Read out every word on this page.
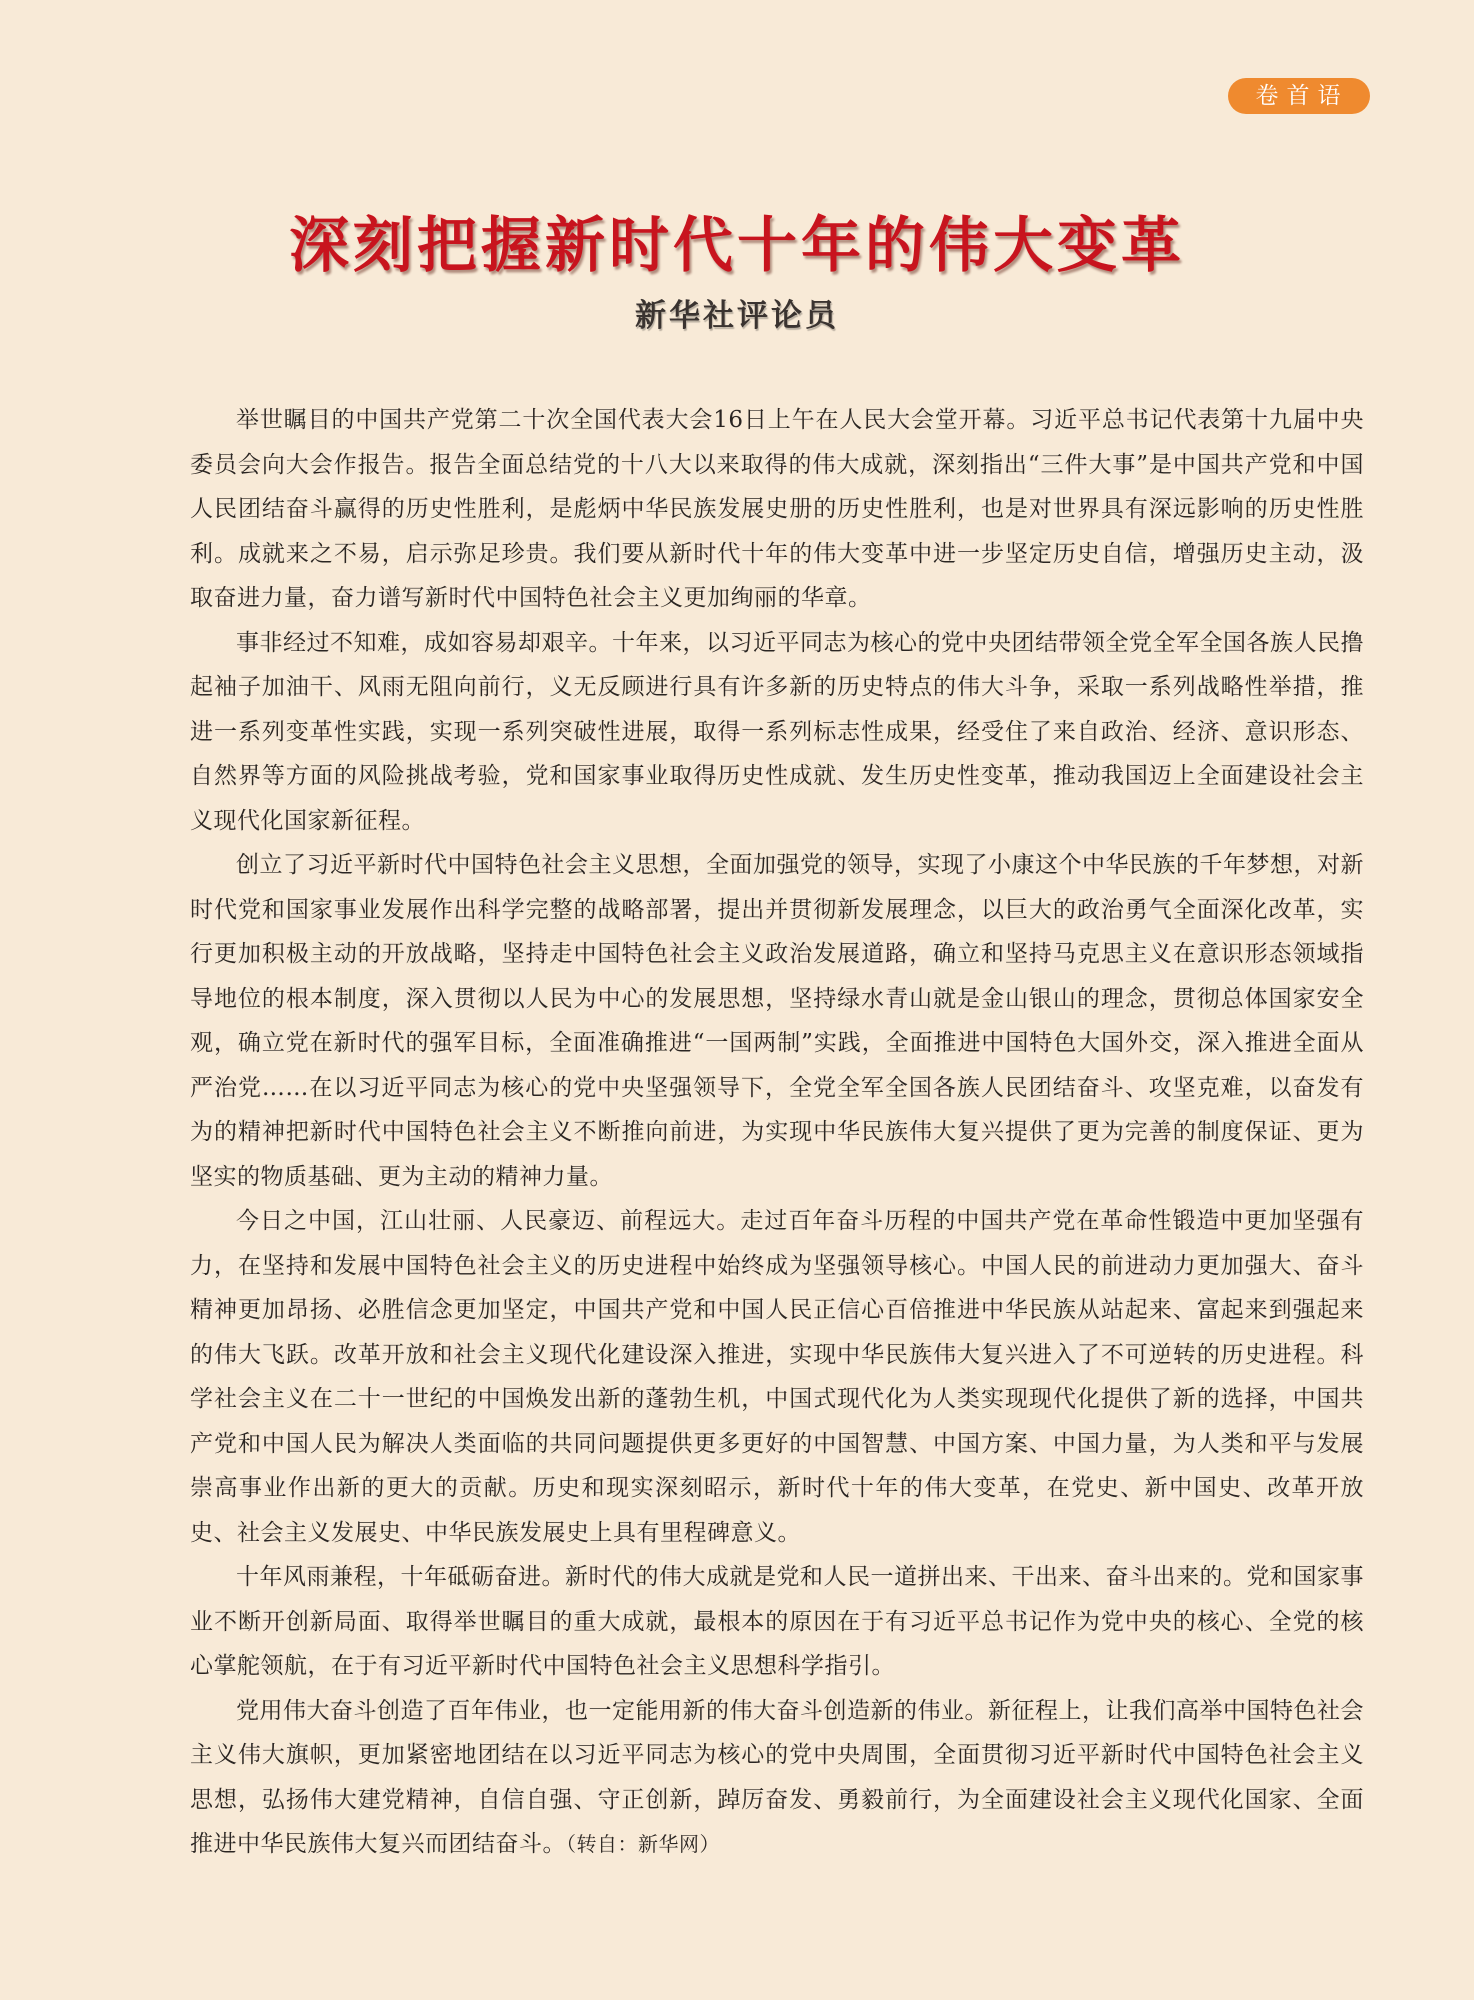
卷首语
深刻把握新时代十年的伟大变革
新华社评论员

举世瞩目的中国共产党第二十次全国代表大会16日上午在人民大会堂开幕。习近平总书记代表第十九届中央委员会向大会作报告。报告全面总结党的十八大以来取得的伟大成就，深刻指出“三件大事”是中国共产党和中国人民团结奋斗赢得的历史性胜利，是彪炳中华民族发展史册的历史性胜利，也是对世界具有深远影响的历史性胜利。成就来之不易，启示弥足珍贵。我们要从新时代十年的伟大变革中进一步坚定历史自信，增强历史主动，汲取奋进力量，奋力谱写新时代中国特色社会主义更加绚丽的华章。

事非经过不知难，成如容易却艰辛。十年来，以习近平同志为核心的党中央团结带领全党全军全国各族人民撸起袖子加油干、风雨无阻向前行，义无反顾进行具有许多新的历史特点的伟大斗争，采取一系列战略性举措，推进一系列变革性实践，实现一系列突破性进展，取得一系列标志性成果，经受住了来自政治、经济、意识形态、自然界等方面的风险挑战考验，党和国家事业取得历史性成就、发生历史性变革，推动我国迈上全面建设社会主义现代化国家新征程。

创立了习近平新时代中国特色社会主义思想，全面加强党的领导，实现了小康这个中华民族的千年梦想，对新时代党和国家事业发展作出科学完整的战略部署，提出并贯彻新发展理念，以巨大的政治勇气全面深化改革，实行更加积极主动的开放战略，坚持走中国特色社会主义政治发展道路，确立和坚持马克思主义在意识形态领域指导地位的根本制度，深入贯彻以人民为中心的发展思想，坚持绿水青山就是金山银山的理念，贯彻总体国家安全观，确立党在新时代的强军目标，全面准确推进“一国两制”实践，全面推进中国特色大国外交，深入推进全面从严治党……在以习近平同志为核心的党中央坚强领导下，全党全军全国各族人民团结奋斗、攻坚克难，以奋发有为的精神把新时代中国特色社会主义不断推向前进，为实现中华民族伟大复兴提供了更为完善的制度保证、更为坚实的物质基础、更为主动的精神力量。

今日之中国，江山壮丽、人民豪迈、前程远大。走过百年奋斗历程的中国共产党在革命性锻造中更加坚强有力，在坚持和发展中国特色社会主义的历史进程中始终成为坚强领导核心。中国人民的前进动力更加强大、奋斗精神更加昂扬、必胜信念更加坚定，中国共产党和中国人民正信心百倍推进中华民族从站起来、富起来到强起来的伟大飞跃。改革开放和社会主义现代化建设深入推进，实现中华民族伟大复兴进入了不可逆转的历史进程。科学社会主义在二十一世纪的中国焕发出新的蓬勃生机，中国式现代化为人类实现现代化提供了新的选择，中国共产党和中国人民为解决人类面临的共同问题提供更多更好的中国智慧、中国方案、中国力量，为人类和平与发展崇高事业作出新的更大的贡献。历史和现实深刻昭示，新时代十年的伟大变革，在党史、新中国史、改革开放史、社会主义发展史、中华民族发展史上具有里程碑意义。

十年风雨兼程，十年砥砺奋进。新时代的伟大成就是党和人民一道拼出来、干出来、奋斗出来的。党和国家事业不断开创新局面、取得举世瞩目的重大成就，最根本的原因在于有习近平总书记作为党中央的核心、全党的核心掌舵领航，在于有习近平新时代中国特色社会主义思想科学指引。

党用伟大奋斗创造了百年伟业，也一定能用新的伟大奋斗创造新的伟业。新征程上，让我们高举中国特色社会主义伟大旗帜，更加紧密地团结在以习近平同志为核心的党中央周围，全面贯彻习近平新时代中国特色社会主义思想，弘扬伟大建党精神，自信自强、守正创新，踔厉奋发、勇毅前行，为全面建设社会主义现代化国家、全面推进中华民族伟大复兴而团结奋斗。（转自：新华网）
